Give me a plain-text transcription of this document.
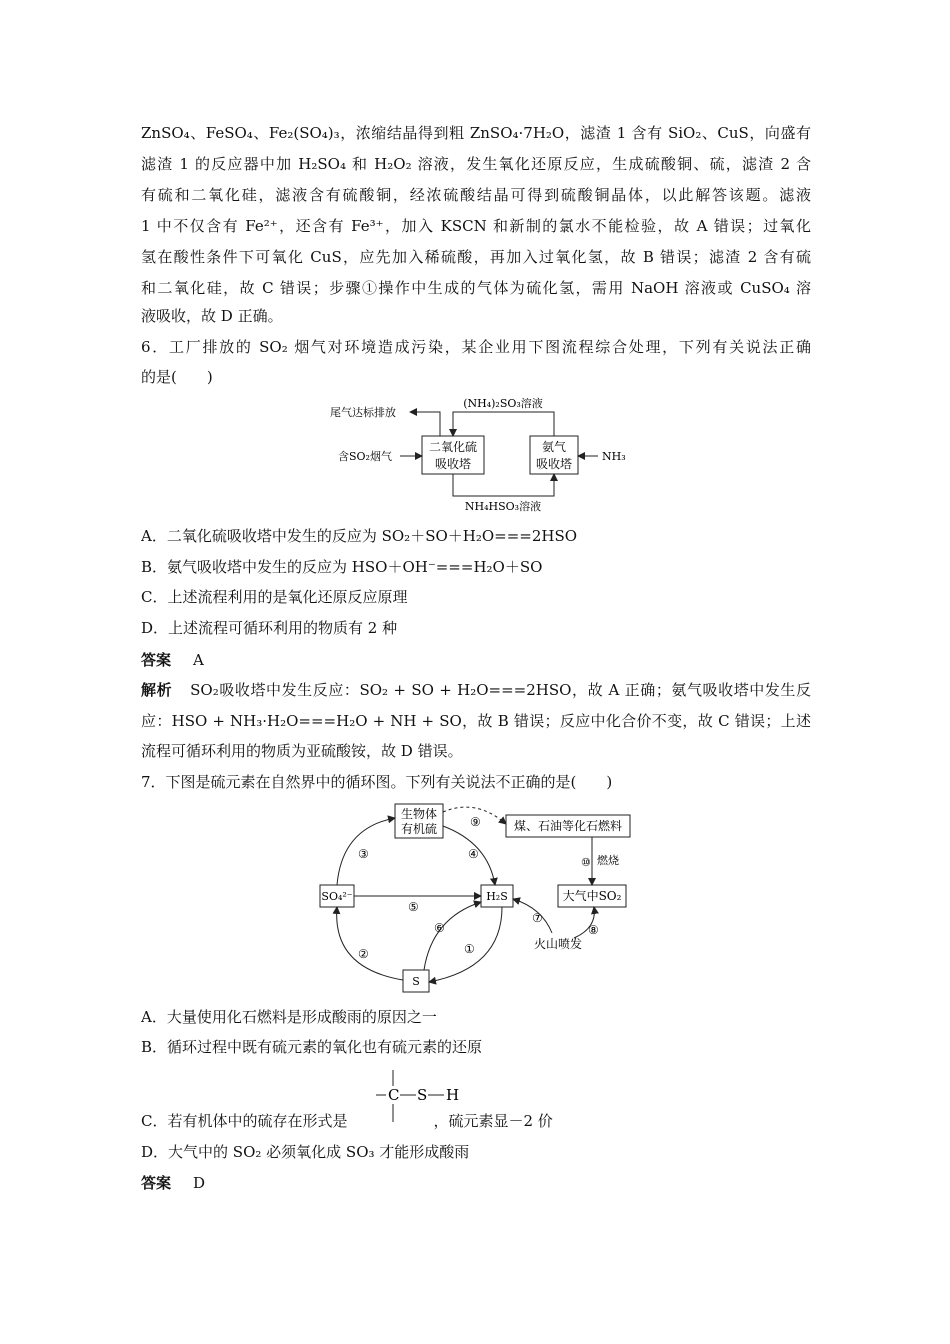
ZnSO₄、FeSO₄、Fe₂(SO₄)₃，浓缩结晶得到粗 ZnSO₄·7H₂O，滤渣 1 含有 SiO₂、CuS，向盛有
滤渣 1 的反应器中加 H₂SO₄ 和 H₂O₂ 溶液，发生氧化还原反应，生成硫酸铜、硫，滤渣 2 含
有硫和二氧化硅，滤液含有硫酸铜，经浓硫酸结晶可得到硫酸铜晶体，以此解答该题。滤液
1 中不仅含有 Fe²⁺，还含有 Fe³⁺，加入 KSCN 和新制的氯水不能检验，故 A 错误；过氧化
氢在酸性条件下可氧化 CuS，应先加入稀硫酸，再加入过氧化氢，故 B 错误；滤渣 2 含有硫
和二氧化硅，故 C 错误；步骤①操作中生成的气体为硫化氢，需用 NaOH 溶液或 CuSO₄ 溶
液吸收，故 D 正确。
6．工厂排放的 SO₂ 烟气对环境造成污染，某企业用下图流程综合处理，下列有关说法正确
的是(　　)
二氧化硫
吸收塔
氨气
吸收塔
(NH₄)₂SO₃溶液
NH₄HSO₃溶液
尾气达标排放
含SO₂烟气	NH₃
A．二氧化硫吸收塔中发生的反应为 SO₂＋SO＋H₂O===2HSO
B．氨气吸收塔中发生的反应为 HSO＋OH⁻===H₂O＋SO
C．上述流程利用的是氧化还原反应原理
D．上述流程可循环利用的物质有 2 种
答案 A
解析 SO₂吸收塔中发生反应：SO₂ + SO + H₂O===2HSO，故 A 正确；氨气吸收塔中发生反
应：HSO + NH₃·H₂O===H₂O + NH + SO，故 B 错误；反应中化合价不变，故 C 错误；上述
流程可循环利用的物质为亚硫酸铵，故 D 错误。
7．下图是硫元素在自然界中的循环图。下列有关说法不正确的是(　　)
生物体
有机硫	煤、石油等化石燃料
SO₄²⁻	H₂S	大气中SO₂
S
③	④
⑨
⑤
⑩ 燃烧
②
⑥
①
⑦
⑧
火山喷发
A．大量使用化石燃料是形成酸雨的原因之一
B．循环过程中既有硫元素的氧化也有硫元素的还原
C S H
C．若有机体中的硫存在形式是	，硫元素显－2 价
D．大气中的 SO₂ 必须氧化成 SO₃ 才能形成酸雨
答案 D
